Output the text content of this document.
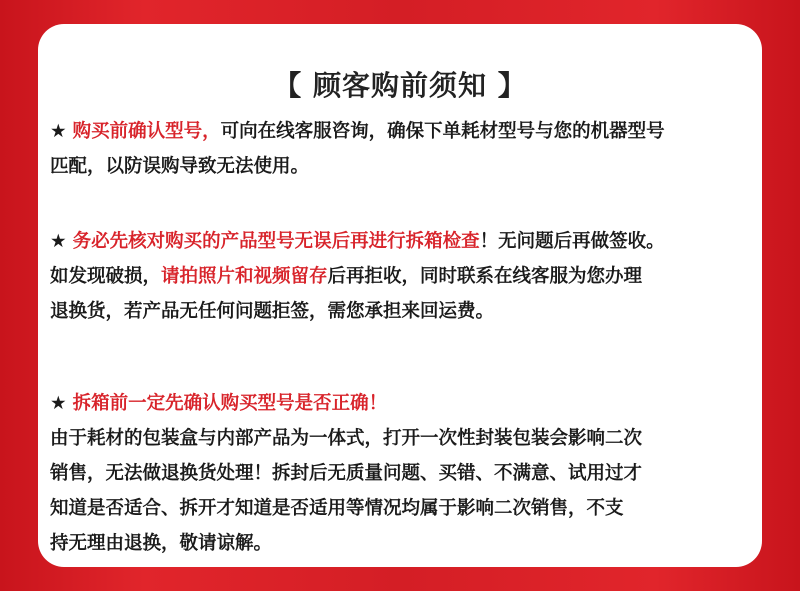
【 顾客购前须知 】
★ 购买前确认型号，可向在线客服咨询，确保下单耗材型号与您的机器型号
匹配，以防误购导致无法使用。
★ 务必先核对购买的产品型号无误后再进行拆箱检查！无问题后再做签收。
如发现破损，请拍照片和视频留存后再拒收，同时联系在线客服为您办理
退换货，若产品无任何问题拒签，需您承担来回运费。
★ 拆箱前一定先确认购买型号是否正确！
由于耗材的包装盒与内部产品为一体式，打开一次性封装包装会影响二次
销售，无法做退换货处理！拆封后无质量问题、买错、不满意、试用过才
知道是否适合、拆开才知道是否适用等情况均属于影响二次销售，不支
持无理由退换，敬请谅解。
